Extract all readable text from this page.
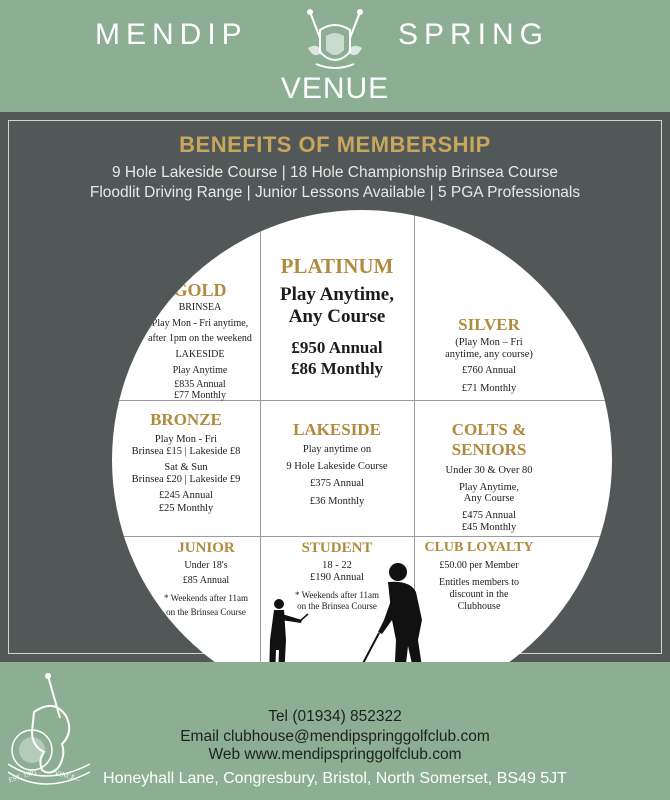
MENDIP	SPRING
VENUE
BENEFITS OF MEMBERSHIP
9 Hole Lakeside Course | 18 Hole Championship Brinsea Course
Floodlit Driving Range | Junior Lessons Available | 5 PGA Professionals
GOLD
BRINSEA
Play Mon - Fri anytime,
after 1pm on the weekend
LAKESIDE
Play Anytime
£835 Annual
£77 Monthly
PLATINUM
Play Anytime,
Any Course
£950 Annual
£86 Monthly
SILVER
(Play Mon – Fri
anytime, any course)
£760 Annual
£71 Monthly
BRONZE
Play Mon - Fri
Brinsea £15 | Lakeside £8
Sat & Sun
Brinsea £20 | Lakeside £9
£245 Annual
£25 Monthly
LAKESIDE
Play anytime on
9 Hole Lakeside Course
£375 Annual
£36 Monthly
COLTS &
SENIORS
Under 30 & Over 80
Play Anytime,
Any Course
£475 Annual
£45 Monthly
JUNIOR
Under 18's
£85 Annual
* Weekends after 11am
on the Brinsea Course
STUDENT
18 - 22
£190 Annual
* Weekends after 11am
on the Brinsea Course
CLUB LOYALTY
£50.00 per Member
Entitles members to
discount in the
Clubhouse
EST. 1991 VINCE...
Tel (01934) 852322
Email clubhouse@mendipspringgolfclub.com
Web www.mendipspringgolfclub.com
Honeyhall Lane, Congresbury, Bristol, North Somerset, BS49 5JT
